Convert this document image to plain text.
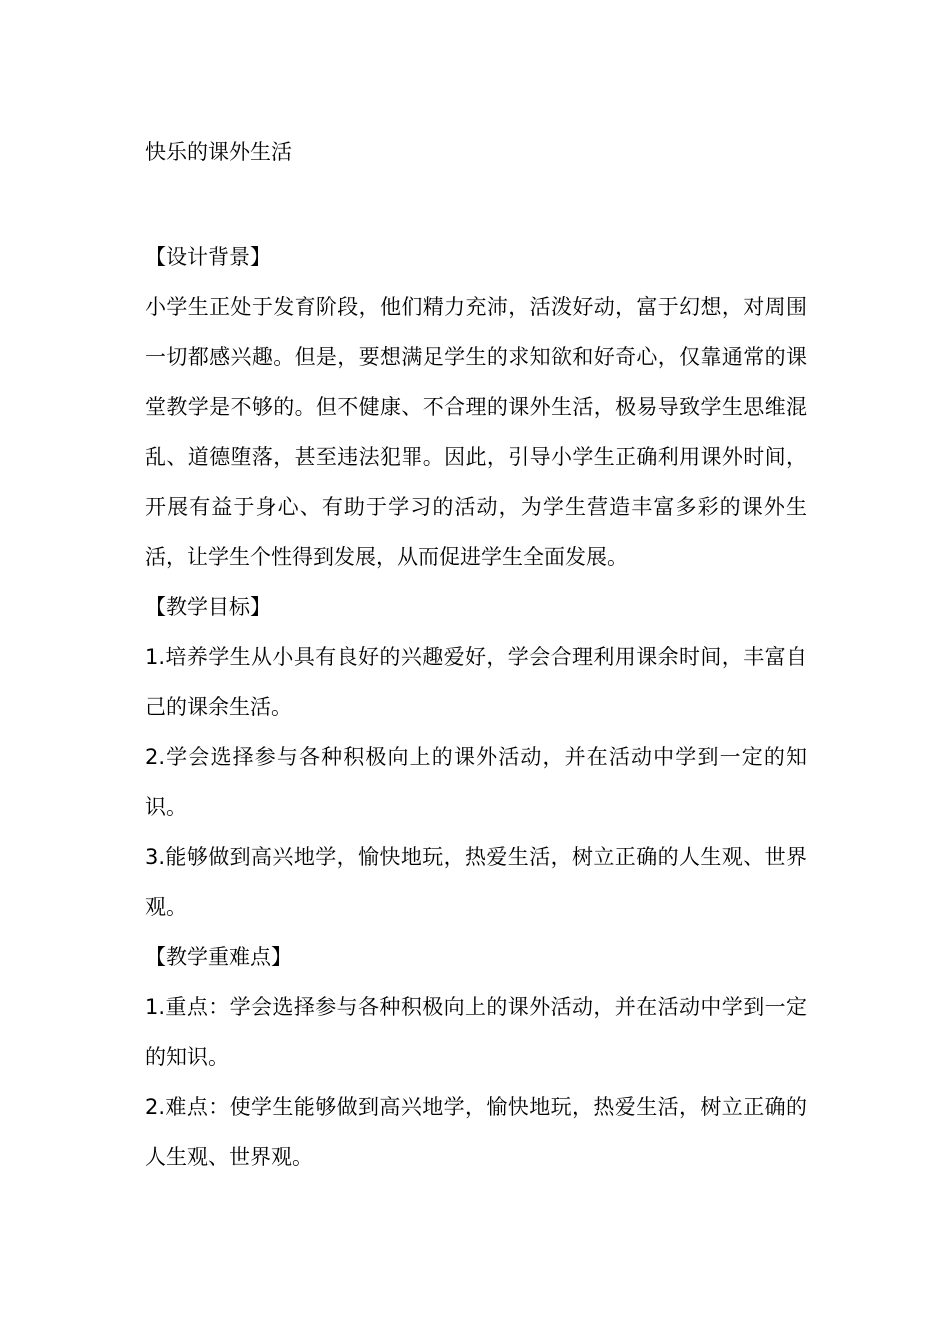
快乐的课外生活

【设计背景】

小学生正处于发育阶段，他们精力充沛，活泼好动，富于幻想，对周围一切都感兴趣。但是，要想满足学生的求知欲和好奇心，仅靠通常的课堂教学是不够的。但不健康、不合理的课外生活，极易导致学生思维混乱、道德堕落，甚至违法犯罪。因此，引导小学生正确利用课外时间，开展有益于身心、有助于学习的活动，为学生营造丰富多彩的课外生活，让学生个性得到发展，从而促进学生全面发展。

【教学目标】

1.培养学生从小具有良好的兴趣爱好，学会合理利用课余时间，丰富自己的课余生活。

2.学会选择参与各种积极向上的课外活动，并在活动中学到一定的知识。

3.能够做到高兴地学，愉快地玩，热爱生活，树立正确的人生观、世界观。

【教学重难点】

1.重点：学会选择参与各种积极向上的课外活动，并在活动中学到一定的知识。

2.难点：使学生能够做到高兴地学，愉快地玩，热爱生活，树立正确的人生观、世界观。
